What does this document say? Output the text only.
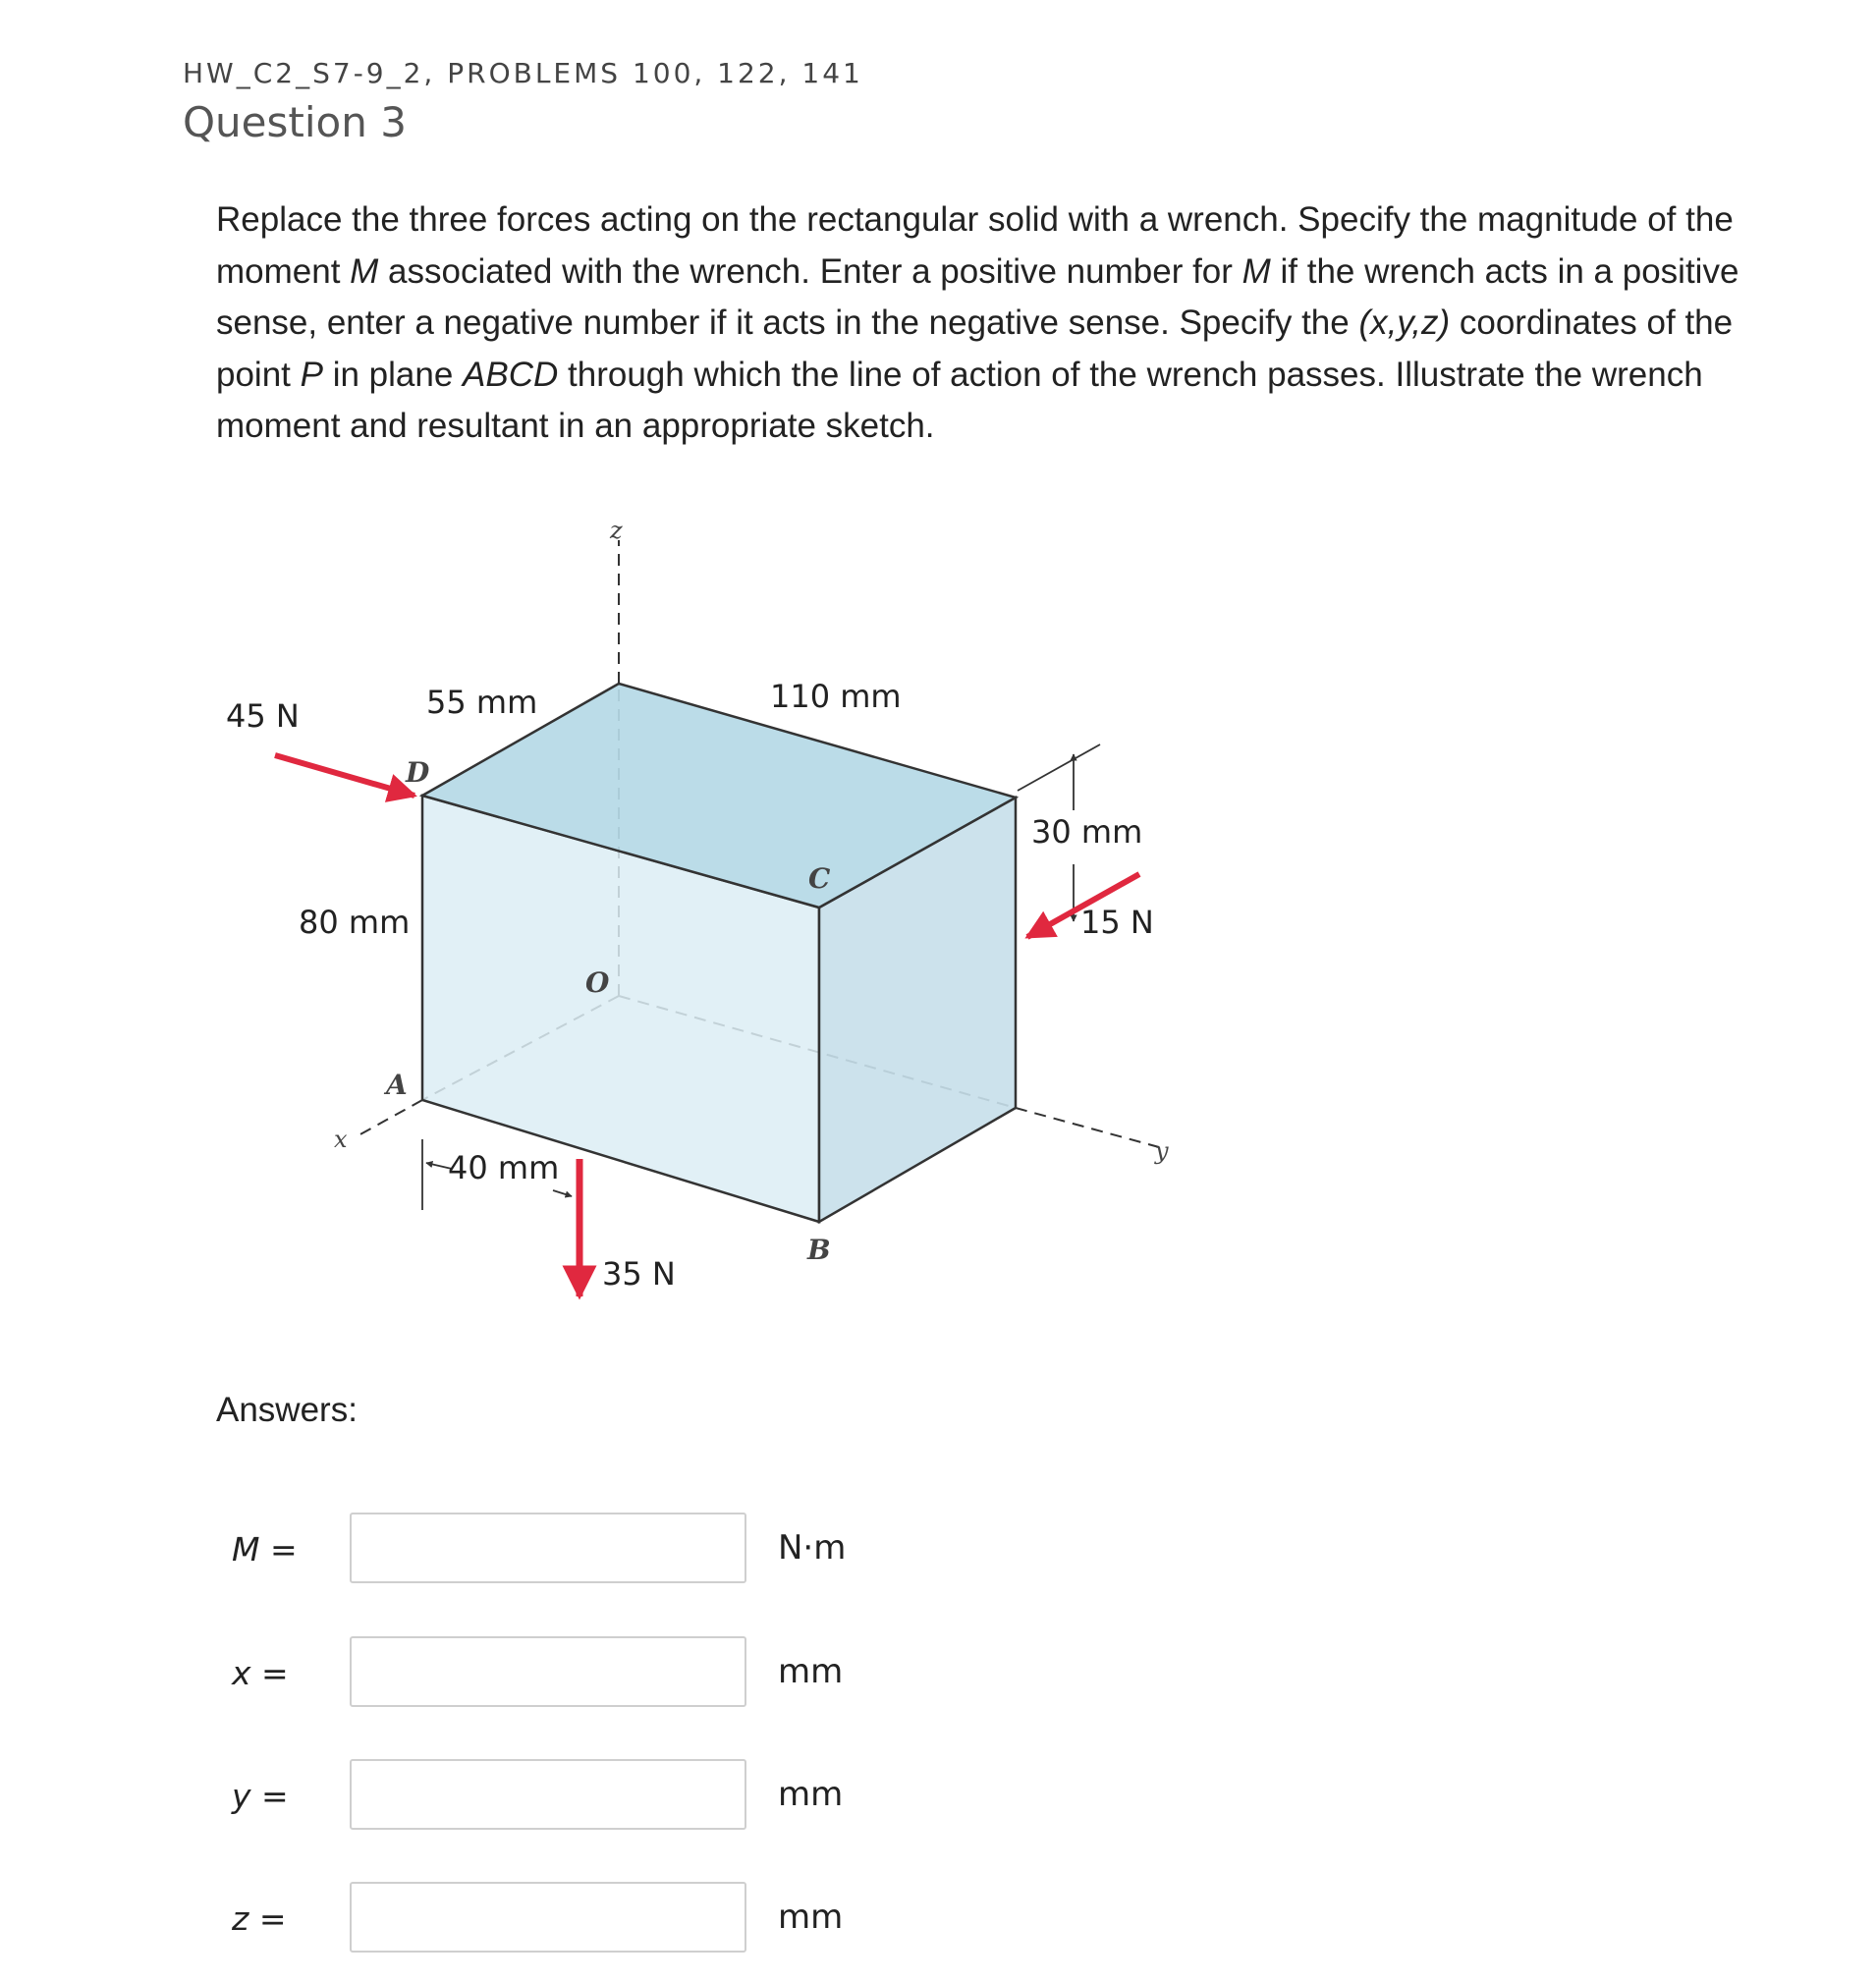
HW_C2_S7-9_2, PROBLEMS 100, 122, 141
Question 3
Replace the three forces acting on the rectangular solid with a wrench. Specify the magnitude of the moment M associated with the wrench. Enter a positive number for M if the wrench acts in a positive sense, enter a negative number if it acts in the negative sense. Specify the (x,y,z) coordinates of the point P in plane ABCD through which the line of action of the wrench passes. Illustrate the wrench moment and resultant in an appropriate sketch.
45 N	55 mm	110 mm
30 mm
15 N
80 mm
40 mm
35 N
D
C
O
A
B
z
y
x
Answers:
M =	N·m
x =	mm
y =	mm
z =	mm
